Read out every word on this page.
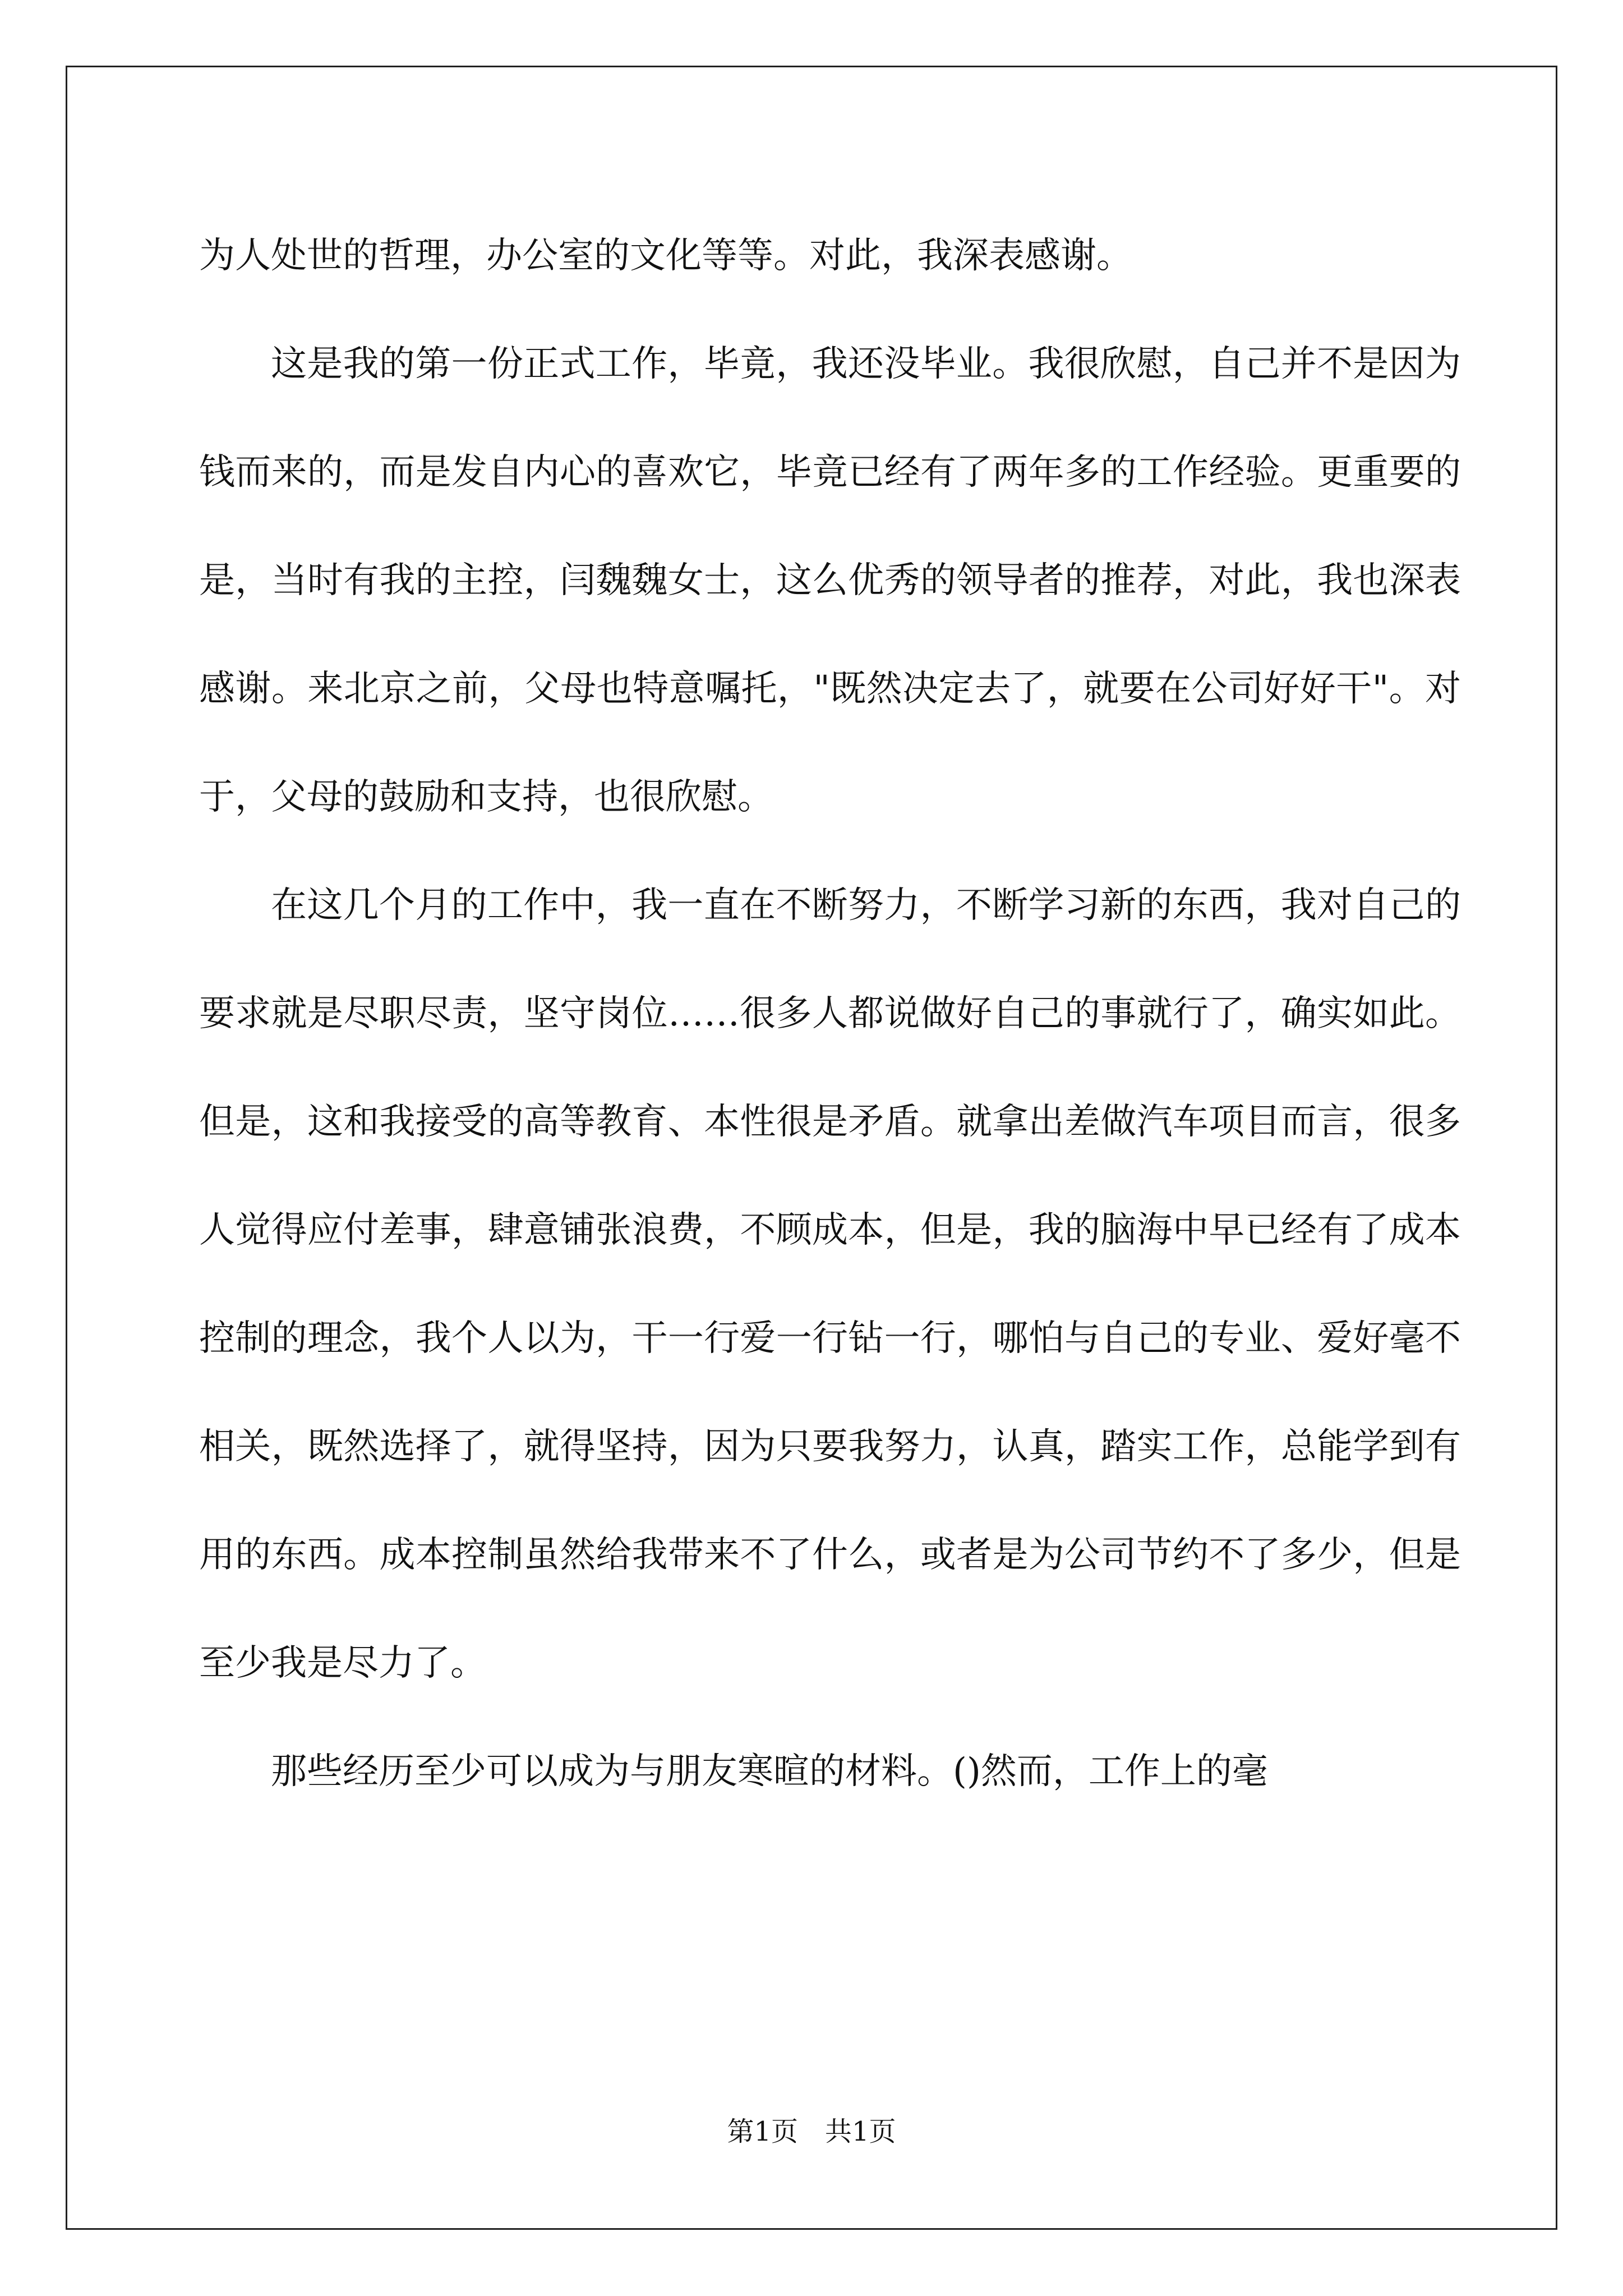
为人处世的哲理，办公室的文化等等。对此，我深表感谢。

这是我的第一份正式工作，毕竟，我还没毕业。我很欣慰，自己并不是因为钱而来的，而是发自内心的喜欢它，毕竟已经有了两年多的工作经验。更重要的是，当时有我的主控，闫魏魏女士，这么优秀的领导者的推荐，对此，我也深表感谢。来北京之前，父母也特意嘱托，"既然决定去了，就要在公司好好干"。对于，父母的鼓励和支持，也很欣慰。

在这几个月的工作中，我一直在不断努力，不断学习新的东西，我对自己的要求就是尽职尽责，坚守岗位……很多人都说做好自己的事就行了，确实如此。但是，这和我接受的高等教育、本性很是矛盾。就拿出差做汽车项目而言，很多人觉得应付差事，肆意铺张浪费，不顾成本，但是，我的脑海中早已经有了成本控制的理念，我个人以为，干一行爱一行钻一行，哪怕与自己的专业、爱好毫不相关，既然选择了，就得坚持，因为只要我努力，认真，踏实工作，总能学到有用的东西。成本控制虽然给我带来不了什么，或者是为公司节约不了多少，但是至少我是尽力了。

那些经历至少可以成为与朋友寒暄的材料。()然而，工作上的毫

第1页　共1页
